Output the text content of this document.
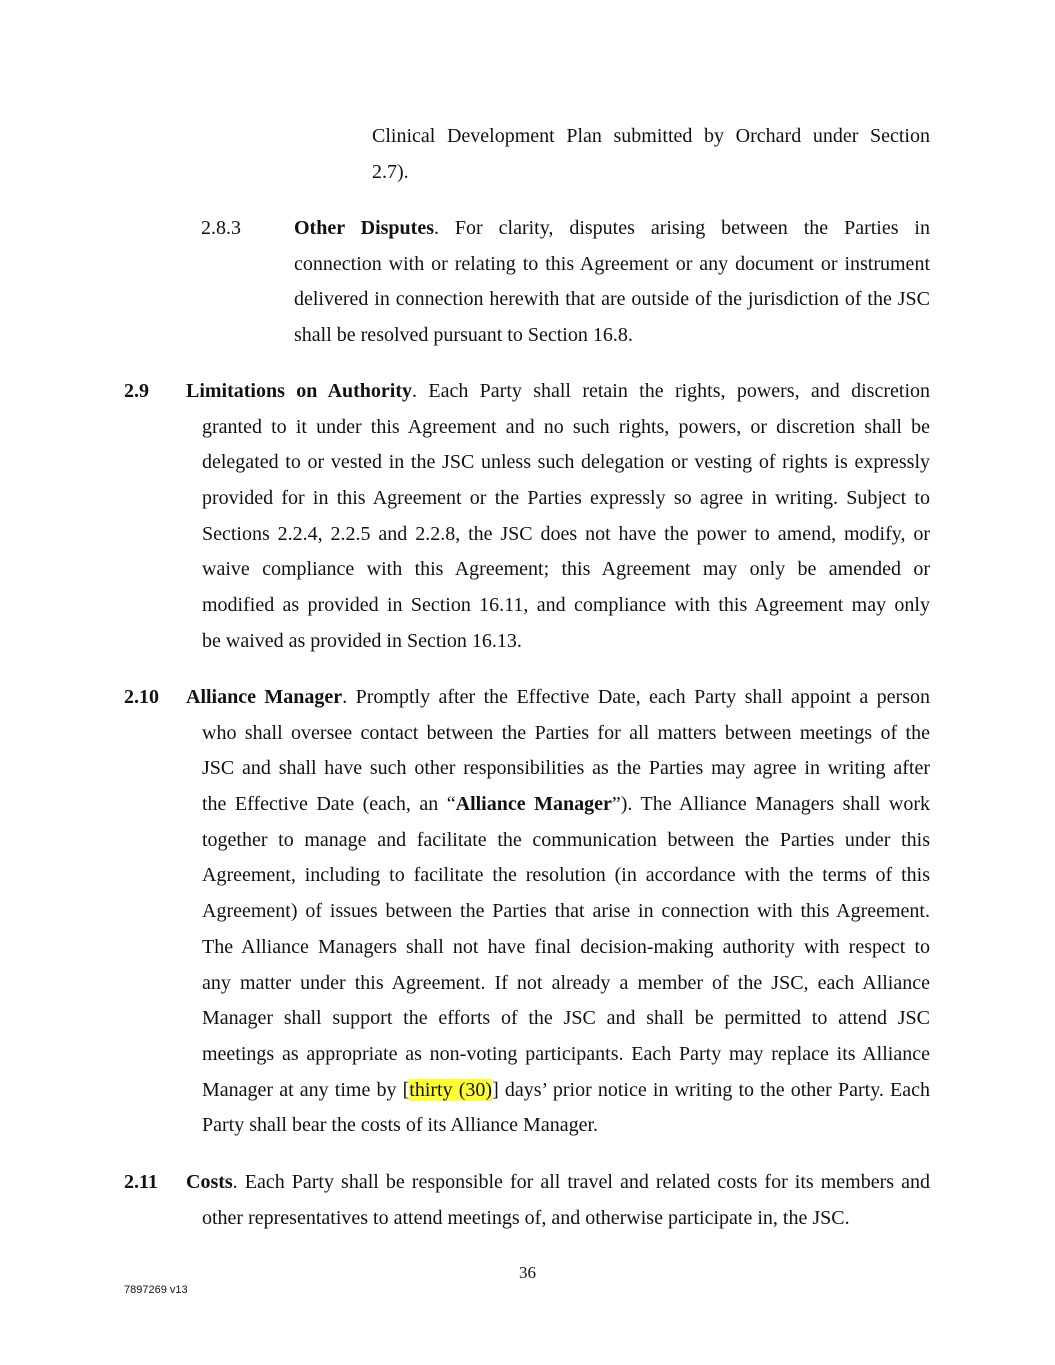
Clinical Development Plan submitted by Orchard under Section
2.7).
2.8.3	Other Disputes. For clarity, disputes arising between the Parties in
connection with or relating to this Agreement or any document or instrument
delivered in connection herewith that are outside of the jurisdiction of the JSC
shall be resolved pursuant to Section 16.8.
2.9 Limitations on Authority. Each Party shall retain the rights, powers, and discretion
granted to it under this Agreement and no such rights, powers, or discretion shall be
delegated to or vested in the JSC unless such delegation or vesting of rights is expressly
provided for in this Agreement or the Parties expressly so agree in writing. Subject to
Sections 2.2.4, 2.2.5 and 2.2.8, the JSC does not have the power to amend, modify, or
waive compliance with this Agreement; this Agreement may only be amended or
modified as provided in Section 16.11, and compliance with this Agreement may only
be waived as provided in Section 16.13.
2.10 Alliance Manager. Promptly after the Effective Date, each Party shall appoint a person
who shall oversee contact between the Parties for all matters between meetings of the
JSC and shall have such other responsibilities as the Parties may agree in writing after
the Effective Date (each, an “Alliance Manager”). The Alliance Managers shall work
together to manage and facilitate the communication between the Parties under this
Agreement, including to facilitate the resolution (in accordance with the terms of this
Agreement) of issues between the Parties that arise in connection with this Agreement.
The Alliance Managers shall not have final decision-making authority with respect to
any matter under this Agreement. If not already a member of the JSC, each Alliance
Manager shall support the efforts of the JSC and shall be permitted to attend JSC
meetings as appropriate as non-voting participants. Each Party may replace its Alliance
Manager at any time by [thirty (30)] days’ prior notice in writing to the other Party. Each
Party shall bear the costs of its Alliance Manager.
2.11 Costs. Each Party shall be responsible for all travel and related costs for its members and
other representatives to attend meetings of, and otherwise participate in, the JSC.
36
7897269 v13
